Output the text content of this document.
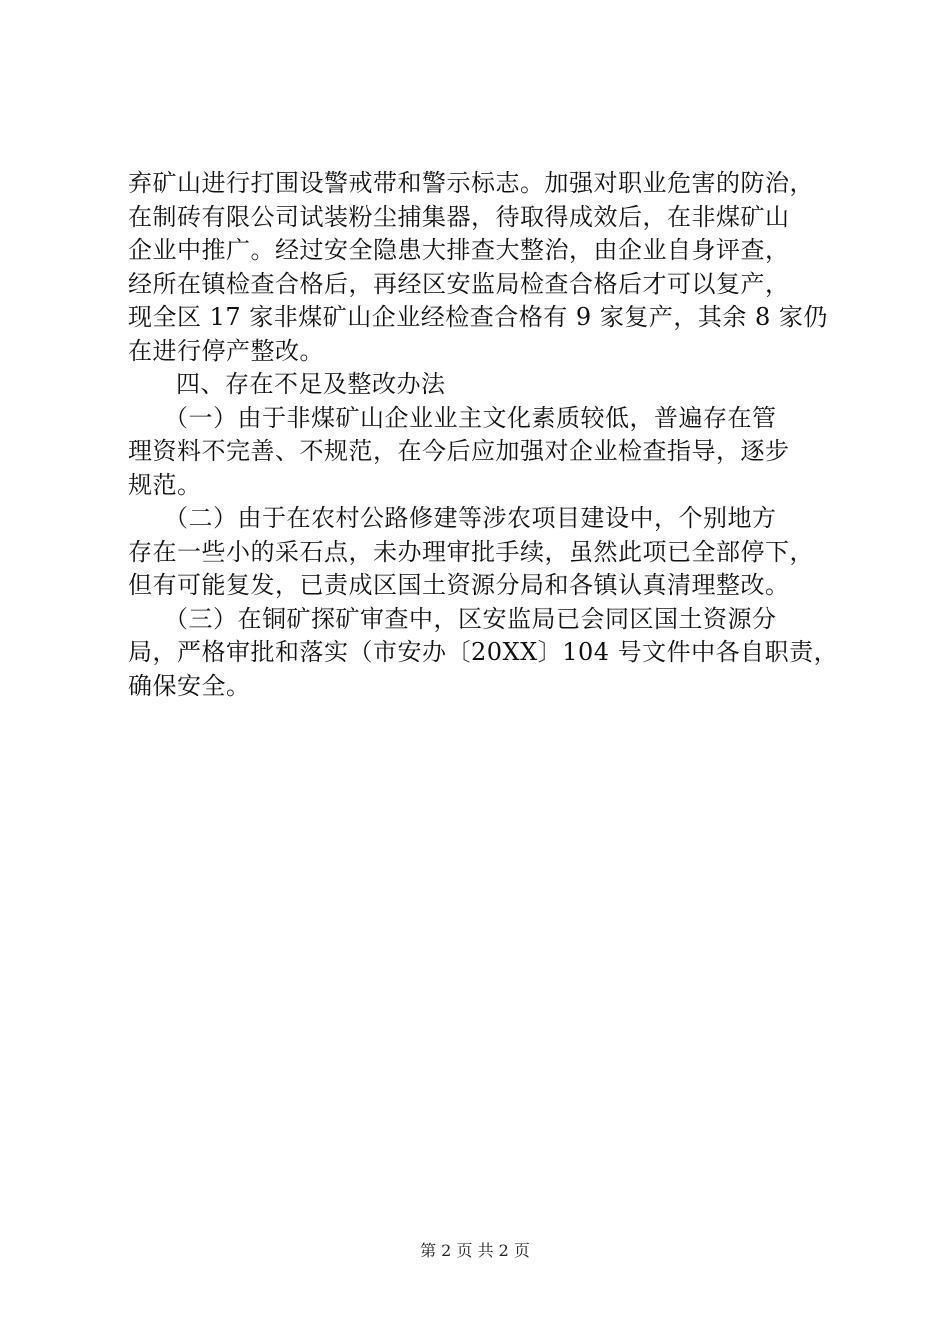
弃矿山进行打围设警戒带和警示标志。加强对职业危害的防治，
在制砖有限公司试装粉尘捕集器，待取得成效后，在非煤矿山
企业中推广。经过安全隐患大排查大整治，由企业自身评查，
经所在镇检查合格后，再经区安监局检查合格后才可以复产，
现全区 17 家非煤矿山企业经检查合格有 9 家复产，其余 8 家仍
在进行停产整改。
四、存在不足及整改办法
（一）由于非煤矿山企业业主文化素质较低，普遍存在管
理资料不完善、不规范，在今后应加强对企业检查指导，逐步
规范。
（二）由于在农村公路修建等涉农项目建设中，个别地方
存在一些小的采石点，未办理审批手续，虽然此项已全部停下，
但有可能复发，已责成区国土资源分局和各镇认真清理整改。
（三）在铜矿探矿审查中，区安监局已会同区国土资源分
局，严格审批和落实（市安办〔20XX〕104 号文件中各自职责，
确保安全。
第 2 页 共 2 页
